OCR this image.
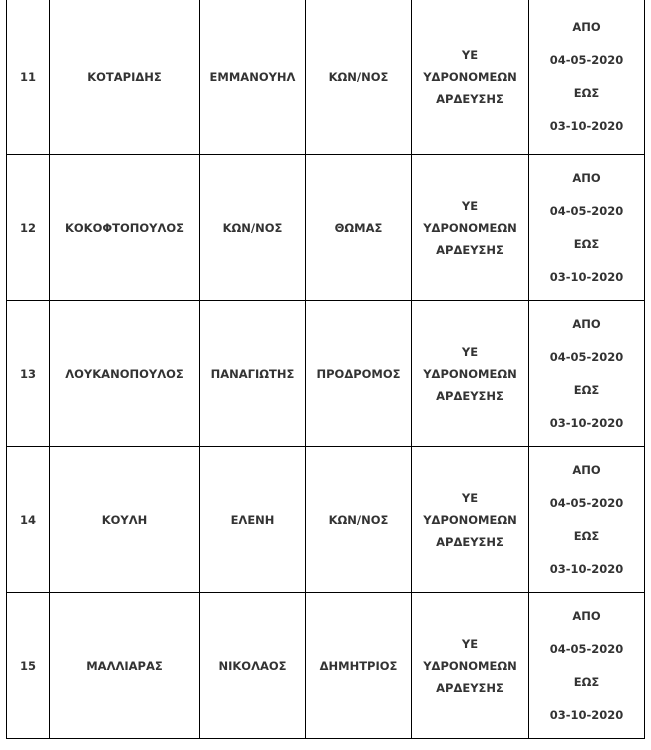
11	ΚΟΤΑΡΙΔΗΣ	ΕΜΜΑΝΟΥΗΛ	ΚΩΝ/ΝΟΣ	ΥΕ
ΥΔΡΟΝΟΜΕΩΝ
ΑΡΔΕΥΣΗΣ	ΑΠΟ
04-05-2020
ΕΩΣ
03-10-2020

12	ΚΟΚΟΦΤΟΠΟΥΛΟΣ	ΚΩΝ/ΝΟΣ	ΘΩΜΑΣ	ΥΕ
ΥΔΡΟΝΟΜΕΩΝ
ΑΡΔΕΥΣΗΣ	ΑΠΟ
04-05-2020
ΕΩΣ
03-10-2020

13	ΛΟΥΚΑΝΟΠΟΥΛΟΣ	ΠΑΝΑΓΙΩΤΗΣ	ΠΡΟΔΡΟΜΟΣ	ΥΕ
ΥΔΡΟΝΟΜΕΩΝ
ΑΡΔΕΥΣΗΣ	ΑΠΟ
04-05-2020
ΕΩΣ
03-10-2020

14	ΚΟΥΛΗ	ΕΛΕΝΗ	ΚΩΝ/ΝΟΣ	ΥΕ
ΥΔΡΟΝΟΜΕΩΝ
ΑΡΔΕΥΣΗΣ	ΑΠΟ
04-05-2020
ΕΩΣ
03-10-2020

15	ΜΑΛΛΙΑΡΑΣ	ΝΙΚΟΛΑΟΣ	ΔΗΜΗΤΡΙΟΣ	ΥΕ
ΥΔΡΟΝΟΜΕΩΝ
ΑΡΔΕΥΣΗΣ	ΑΠΟ
04-05-2020
ΕΩΣ
03-10-2020
